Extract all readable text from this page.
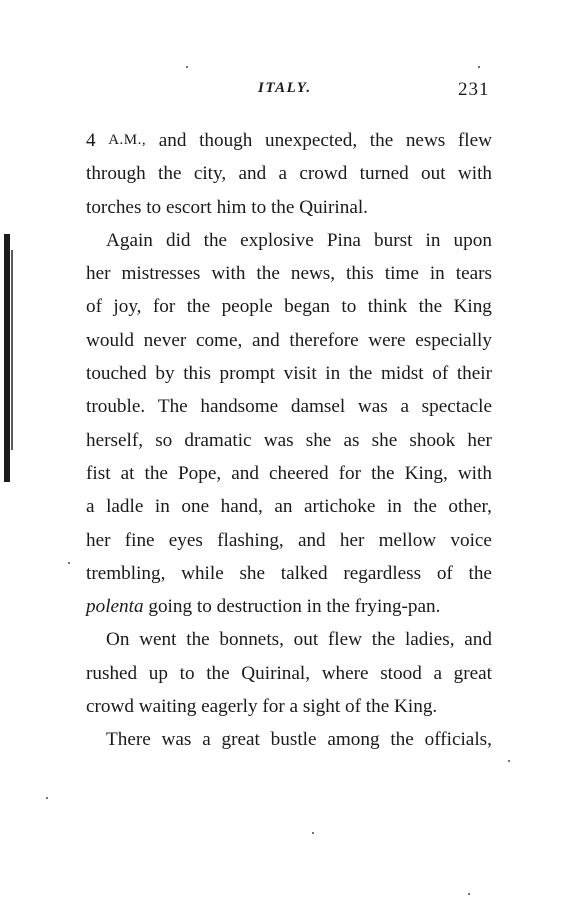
ITALY.	231
4 A.M., and though unexpected, the news flew
through the city, and a crowd turned out with
torches
to
escort
him
to
the
Quirinal.
Again did the explosive Pina burst in upon
her mistresses with the news, this time in tears
of joy, for the people began to think the King
would never come, and therefore were especially
touched by this prompt visit in the midst of their
trouble. The handsome damsel was a spectacle
herself, so dramatic was she as she shook her
fist at the Pope, and cheered for the King, with
a ladle in one hand, an artichoke in the other,
her fine eyes flashing, and her mellow voice
trembling, while she talked regardless of the
polenta
going
to
destruction
in
the
frying-pan.
On went the bonnets, out flew the ladies, and
rushed up to the Quirinal, where stood a great
crowd
waiting
eagerly
for
a
sight
of
the
King.
There was a great bustle among the officials,
